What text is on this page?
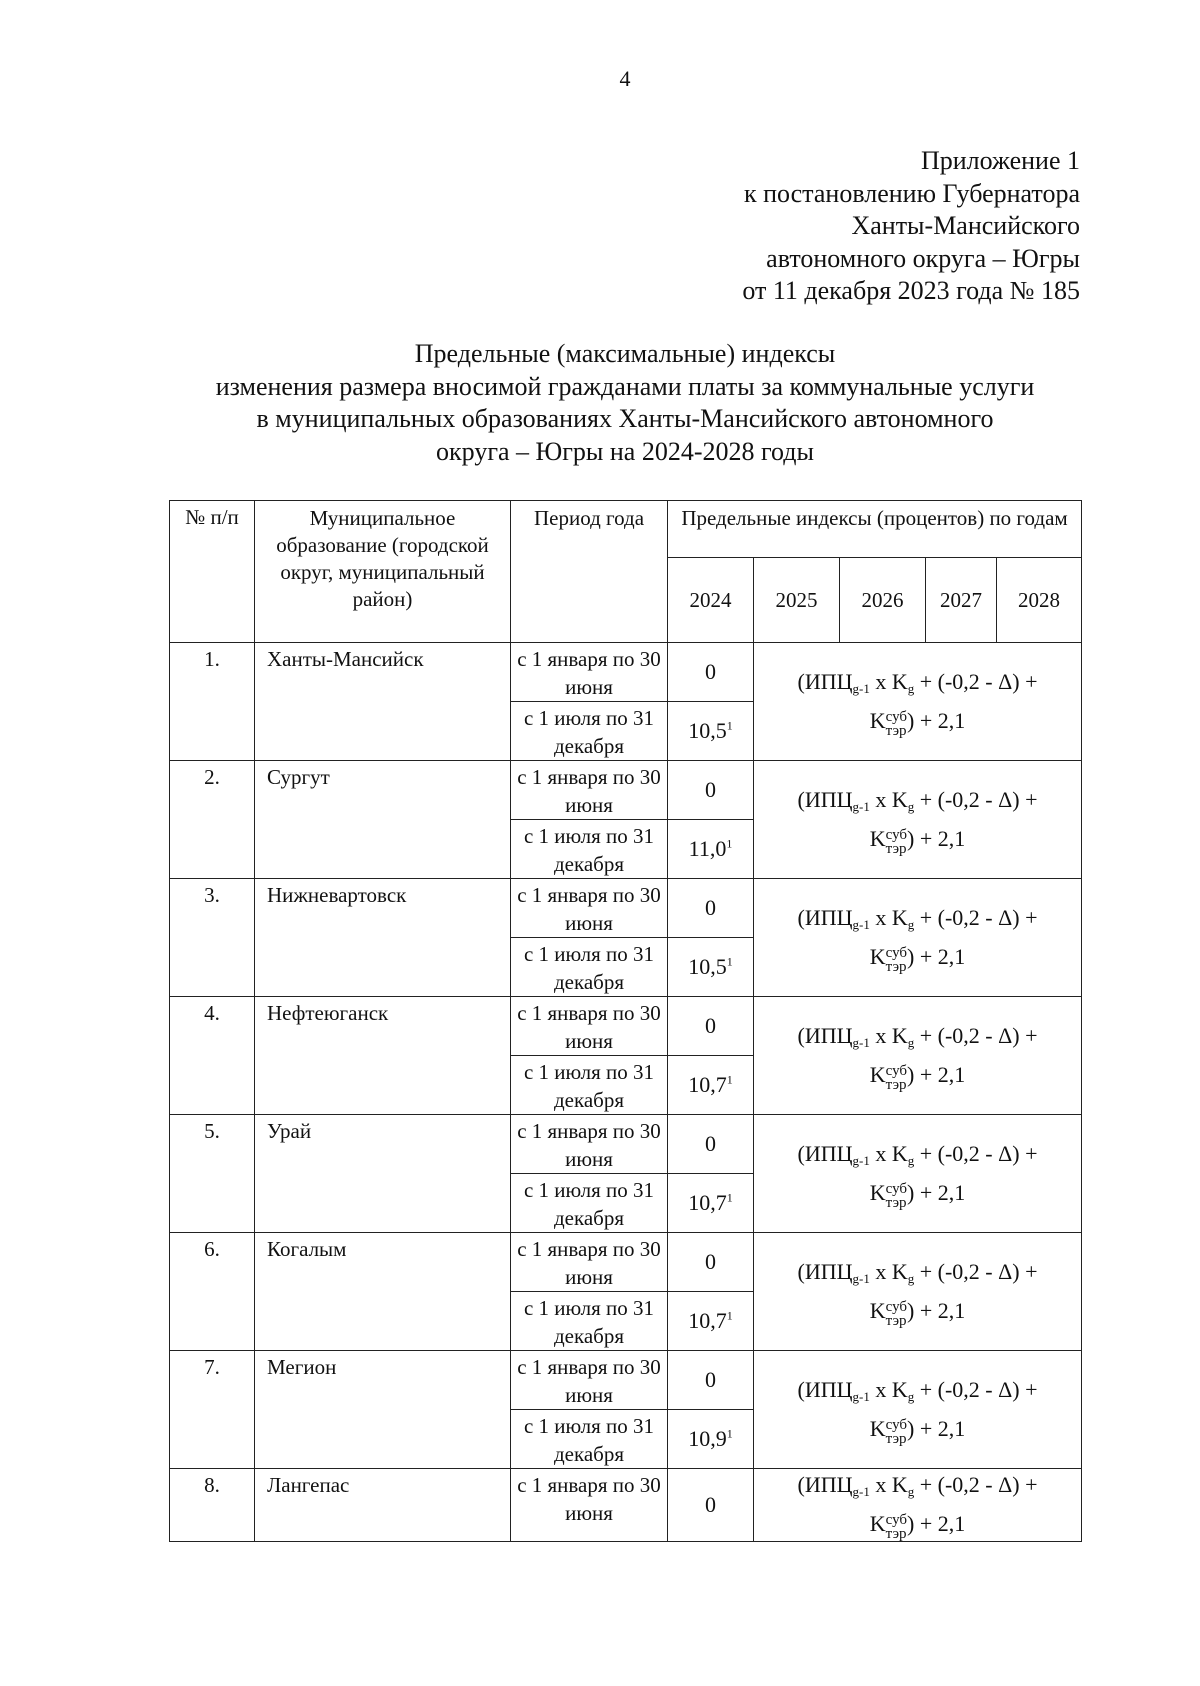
4
Приложение 1
к постановлению Губернатора
Ханты-Мансийского
автономного округа – Югры
от 11 декабря 2023 года № 185
Предельные (максимальные) индексы
изменения размера вносимой гражданами платы за коммунальные услуги
в муниципальных образованиях Ханты-Мансийского автономного
округа – Югры на 2024-2028 годы
№ п/п	Муниципальное образование (городской округ, муниципальный район)	Период года	Предельные индексы (процентов) по годам				
			2024	2025	2026	2027	2028
1.	Ханты-Мансийск	с 1 января по 30 июня	0	($ИПЦ_{g-1}$ x $K_g + (-0,2 - \Delta)$ +
K суб
тэр ) + 2,1			
		с 1 июля по 31 декабря	10,5$^1$
2.	Сургут	с 1 января по 30 июня	0	($ИПЦ_{g-1}$ x $K_g + (-0,2 - \Delta)$ +
K суб
тэр ) + 2,1			
		с 1 июля по 31 декабря	11,0$^1$
3.	Нижневартовск	с 1 января по 30 июня	0	($ИПЦ_{g-1}$ x $K_g + (-0,2 - \Delta)$ +
K суб
тэр ) + 2,1			
		с 1 июля по 31 декабря	10,5$^1$
4.	Нефтеюганск	с 1 января по 30 июня	0	($ИПЦ_{g-1}$ x $K_g + (-0,2 - \Delta)$ +
K суб
тэр ) + 2,1			
		с 1 июля по 31 декабря	10,7$^1$
5.	Урай	с 1 января по 30 июня	0	($ИПЦ_{g-1}$ x $K_g + (-0,2 - \Delta)$ +
K суб
тэр ) + 2,1			
		с 1 июля по 31 декабря	10,7$^1$
6.	Когалым	с 1 января по 30 июня	0	($ИПЦ_{g-1}$ x $K_g + (-0,2 - \Delta)$ +
K суб
тэр ) + 2,1			
		с 1 июля по 31 декабря	10,7$^1$
7.	Мегион	с 1 января по 30 июня	0	($ИПЦ_{g-1}$ x $K_g + (-0,2 - \Delta)$ +
K суб
тэр ) + 2,1			
		с 1 июля по 31 декабря	10,9$^1$
8.	Лангепас	с 1 января по 30 июня	0	($ИПЦ_{g-1}$ x $K_g + (-0,2 - \Delta)$ +
K суб
тэр ) + 2,1			
